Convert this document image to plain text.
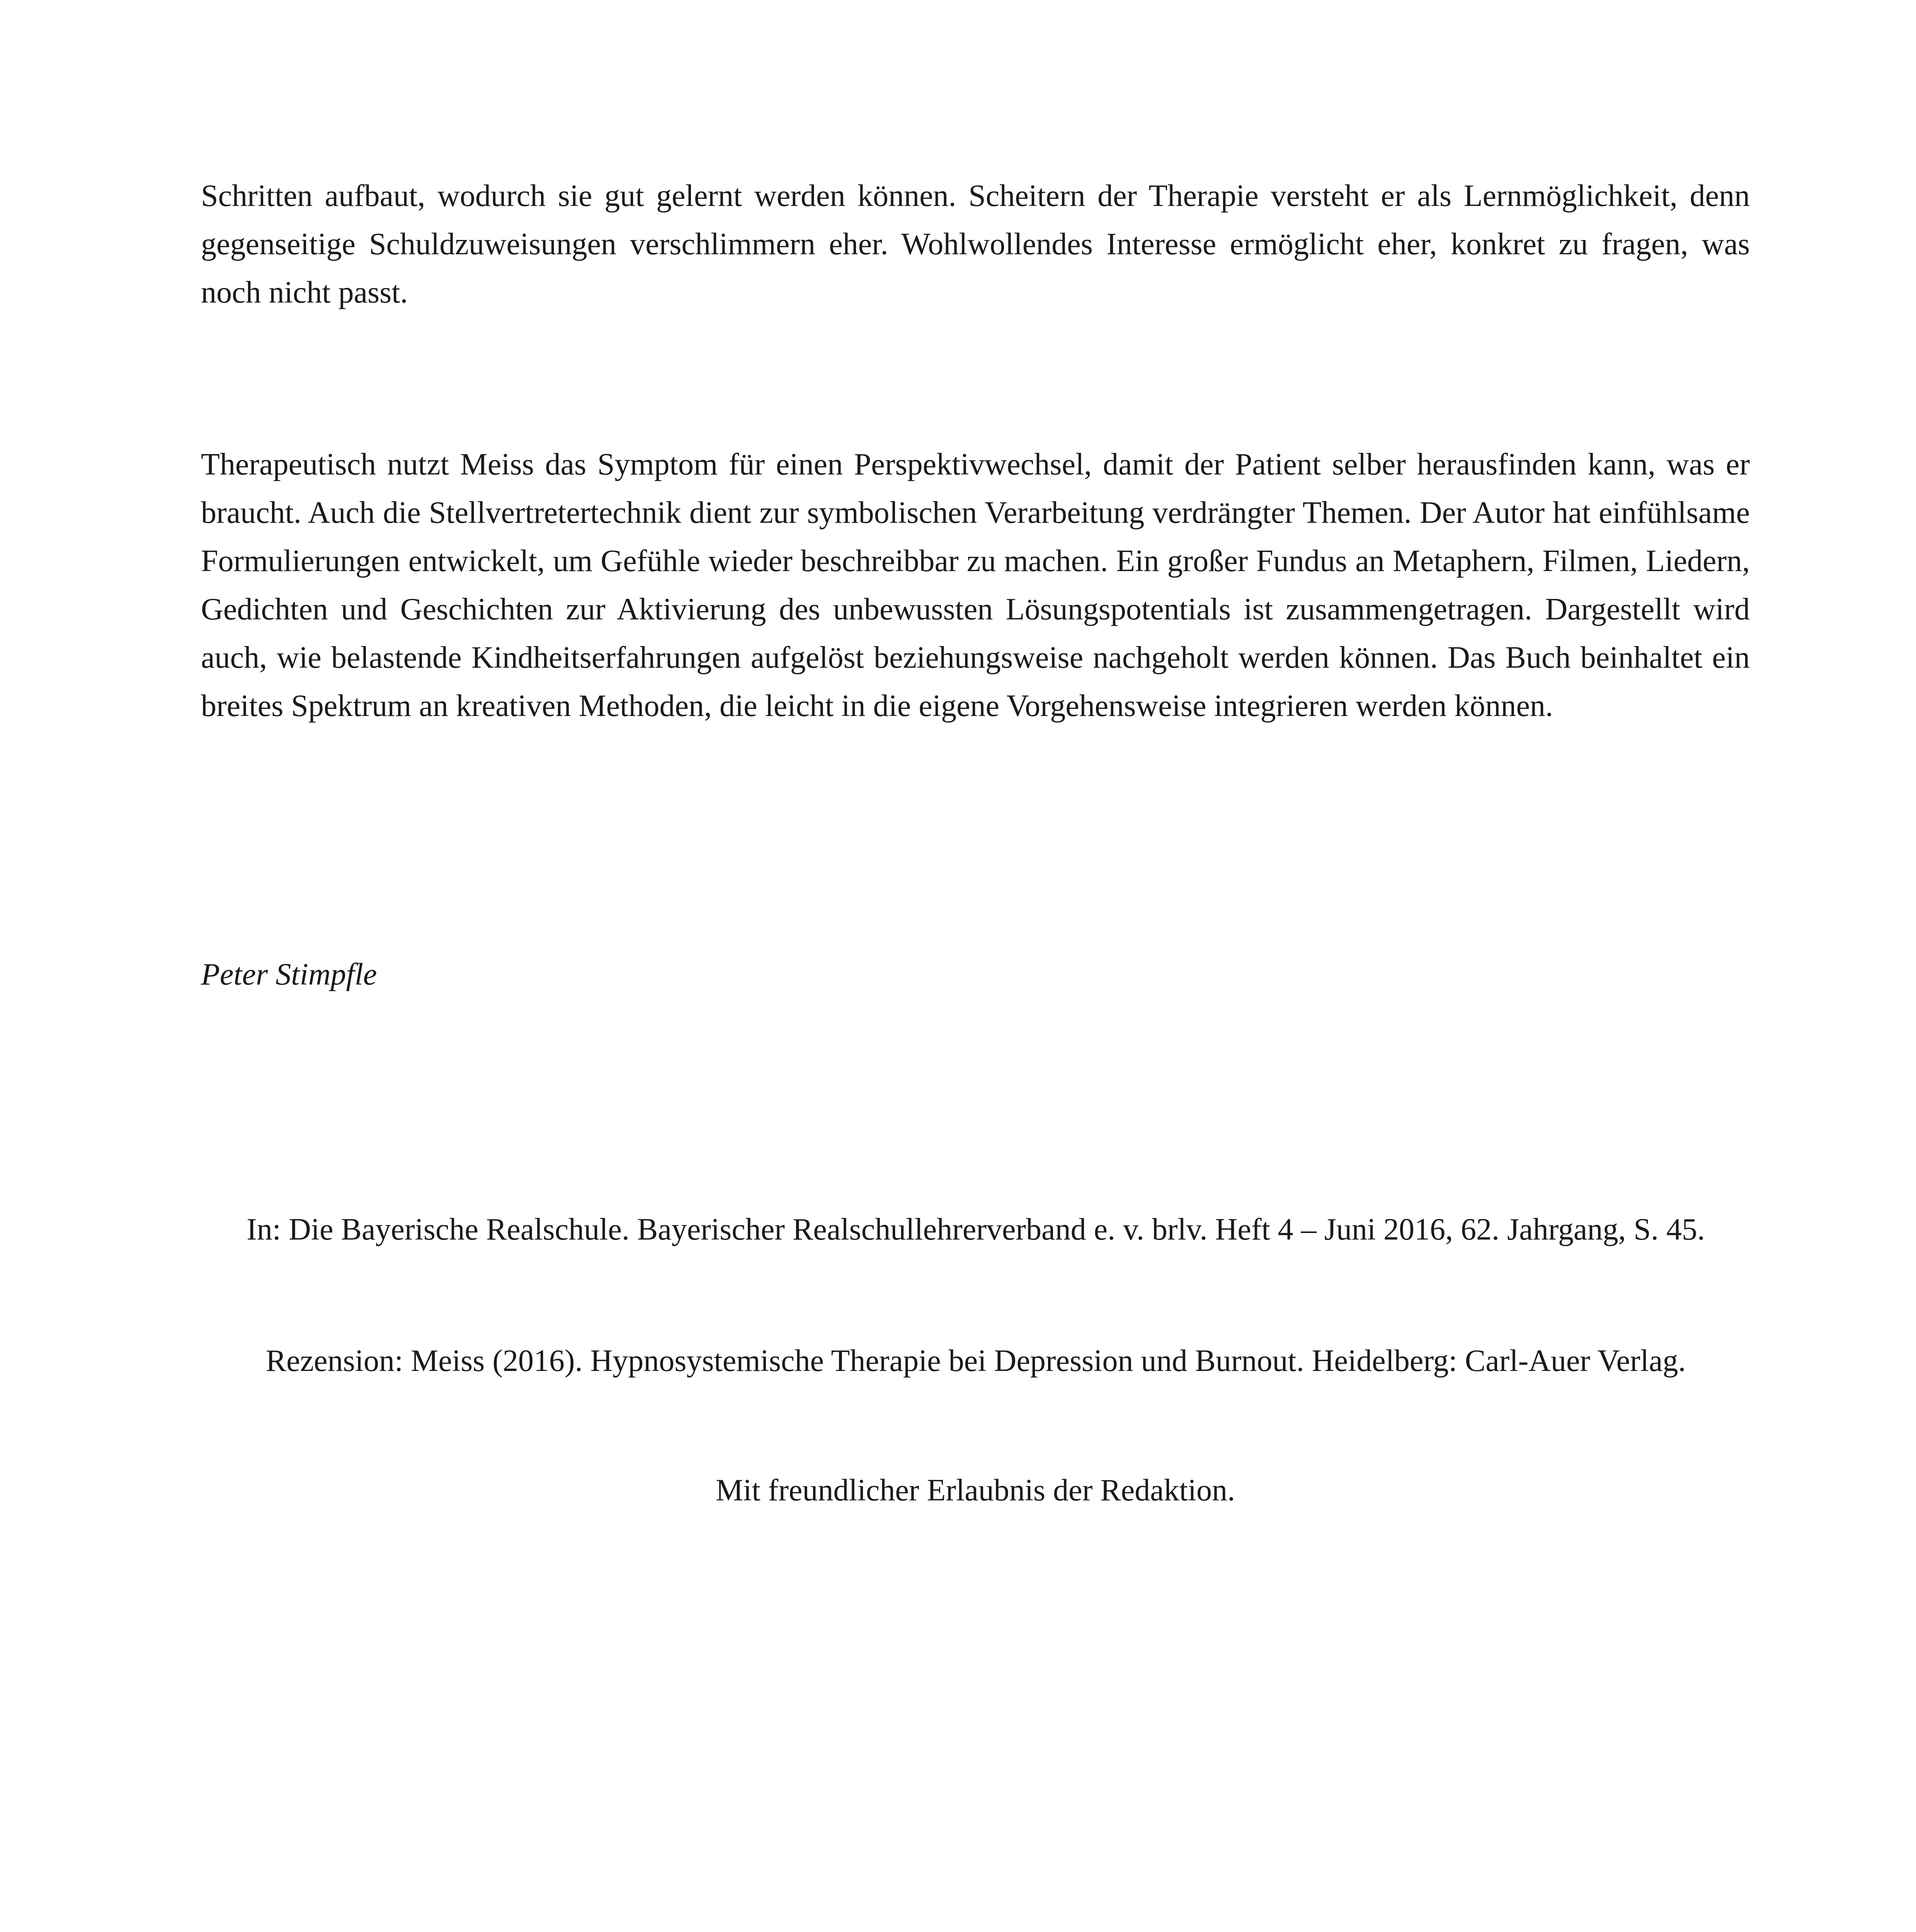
Schritten aufbaut, wodurch sie gut gelernt werden können. Scheitern der Therapie versteht er als Lernmöglichkeit, denn gegenseitige Schuldzuweisungen verschlimmern eher. Wohlwollendes Interesse ermöglicht eher, konkret zu fragen, was noch nicht passt.

Therapeutisch nutzt Meiss das Symptom für einen Perspektivwechsel, damit der Patient selber herausfinden kann, was er braucht. Auch die Stellvertretertechnik dient zur symbolischen Verarbeitung verdrängter Themen. Der Autor hat einfühlsame Formulierungen entwickelt, um Gefühle wieder beschreibbar zu machen. Ein großer Fundus an Metaphern, Filmen, Liedern, Gedichten und Geschichten zur Aktivierung des unbewussten Lösungspotentials ist zusammengetragen. Dargestellt wird auch, wie belastende Kindheitserfahrungen aufgelöst beziehungsweise nachgeholt werden können. Das Buch beinhaltet ein breites Spektrum an kreativen Methoden, die leicht in die eigene Vorgehensweise integrieren werden können.

Peter Stimpfle

In: Die Bayerische Realschule. Bayerischer Realschullehrerverband e. v. brlv. Heft 4 – Juni 2016, 62. Jahrgang, S. 45.

Rezension: Meiss (2016). Hypnosystemische Therapie bei Depression und Burnout. Heidelberg: Carl-Auer Verlag.

Mit freundlicher Erlaubnis der Redaktion.
